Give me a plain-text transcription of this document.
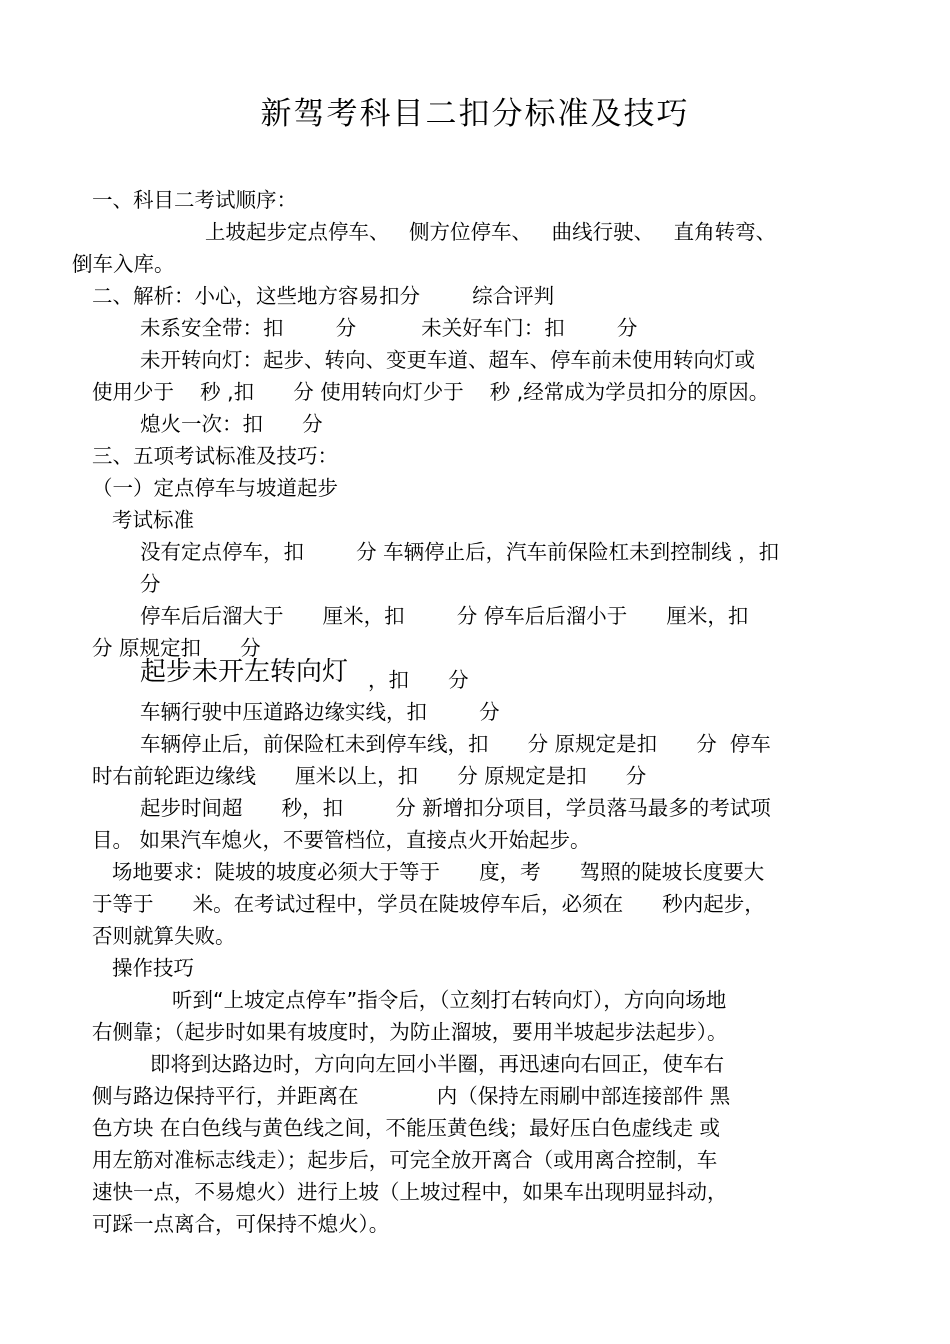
新驾考科目二扣分标准及技巧
一、科目二考试顺序：
上坡起步定点停车、   侧方位停车、   曲线行驶、   直角转弯、
倒车入库。
二、解析：小心，这些地方容易扣分        综合评判
未系安全带：扣        分          未关好车门：扣        分
未开转向灯：起步、转向、变更车道、超车、停车前未使用转向灯或
使用少于    秒 ,扣      分 使用转向灯少于    秒 ,经常成为学员扣分的原因。
熄火一次：扣      分
三、五项考试标准及技巧：
（一）定点停车与坡道起步
考试标准
没有定点停车，扣        分 车辆停止后，汽车前保险杠未到控制线 ，扣
分
停车后后溜大于      厘米，扣        分 停车后后溜小于      厘米，扣
分 原规定扣      分
起步未开左转向灯 ，扣      分
车辆行驶中压道路边缘实线，扣        分
车辆停止后，前保险杠未到停车线，扣      分 原规定是扣      分  停车
时右前轮距边缘线      厘米以上，扣      分 原规定是扣      分
起步时间超      秒，扣        分 新增扣分项目，学员落马最多的考试项
目。 如果汽车熄火，不要管档位，直接点火开始起步。
场地要求：陡坡的坡度必须大于等于      度，考      驾照的陡坡长度要大
于等于      米。在考试过程中，学员在陡坡停车后，必须在      秒内起步，
否则就算失败。
操作技巧
听到“上坡定点停车”指令后，（立刻打右转向灯），方向向场地
右侧靠；（起步时如果有坡度时，为防止溜坡，要用半坡起步法起步）。
即将到达路边时，方向向左回小半圈，再迅速向右回正，使车右
侧与路边保持平行，并距离在            内（保持左雨刷中部连接部件 黑
色方块 在白色线与黄色线之间，不能压黄色线；最好压白色虚线走 或
用左筋对准标志线走）；起步后，可完全放开离合（或用离合控制，车
速快一点，不易熄火）进行上坡（上坡过程中，如果车出现明显抖动，
可踩一点离合，可保持不熄火）。
